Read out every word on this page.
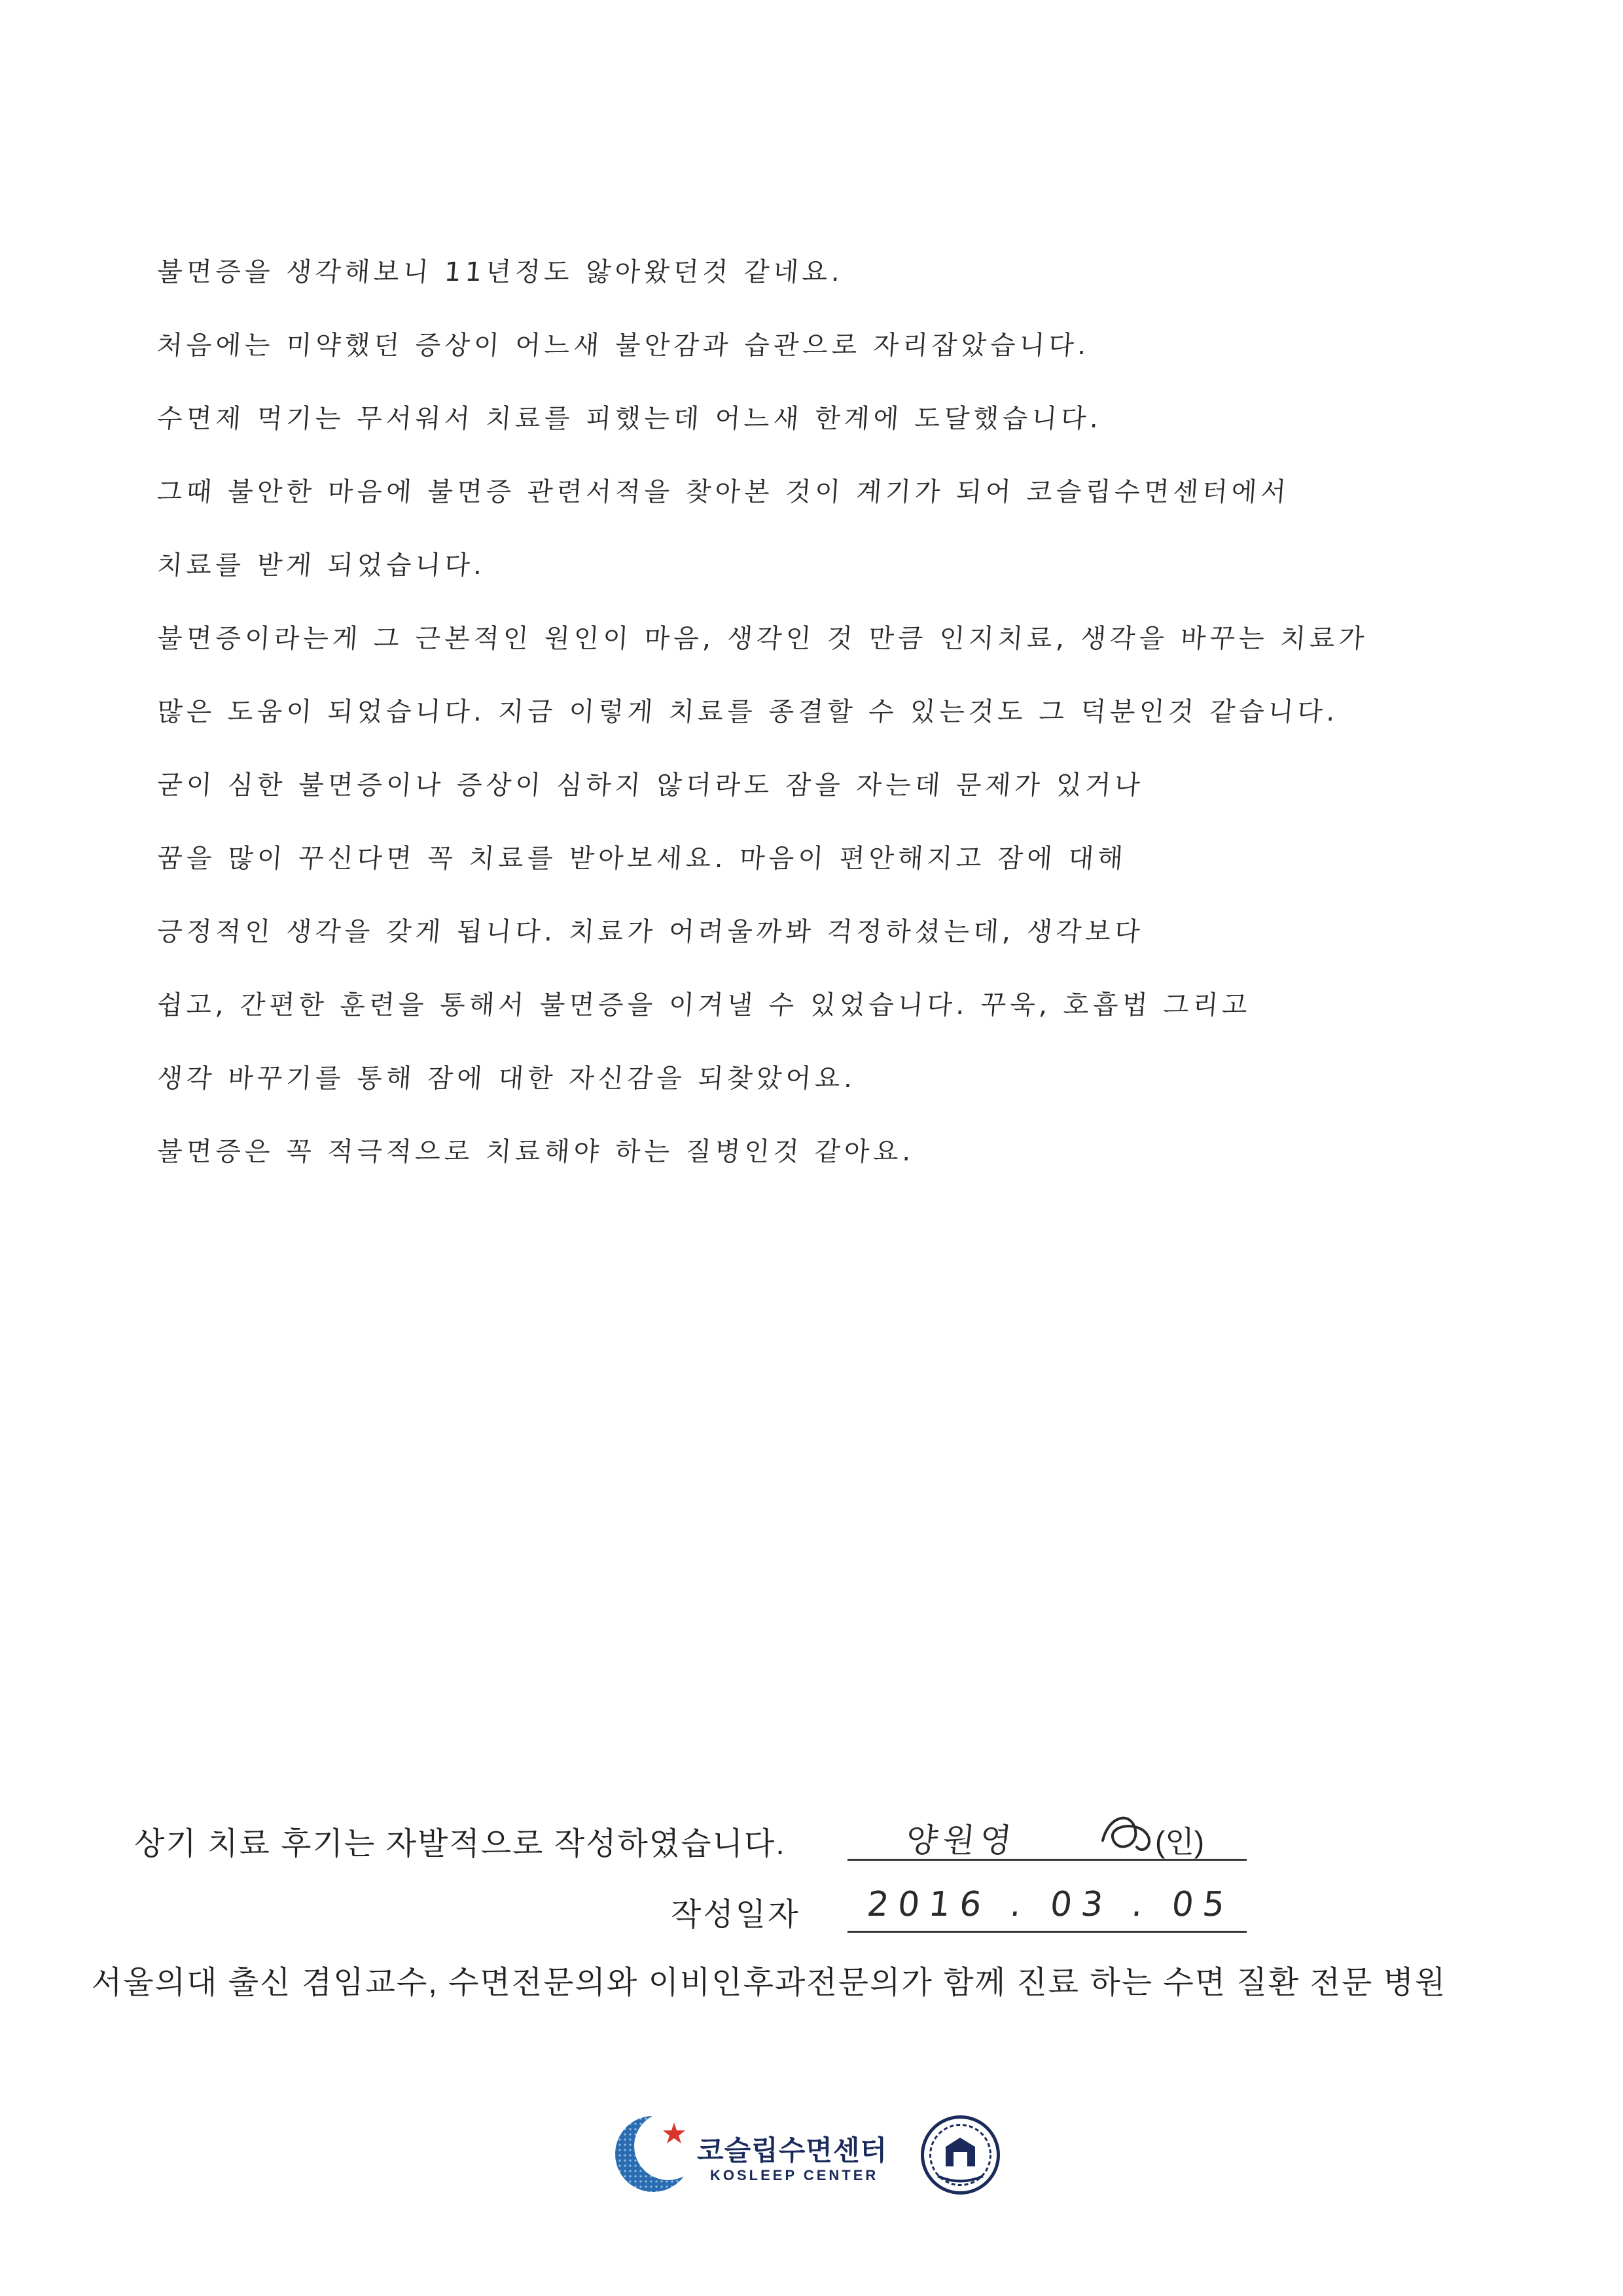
불면증을 생각해보니 11년정도 앓아왔던것 같네요.
처음에는 미약했던 증상이 어느새 불안감과 습관으로 자리잡았습니다.
수면제 먹기는 무서워서 치료를 피했는데 어느새 한계에 도달했습니다.
그때 불안한 마음에 불면증 관련서적을 찾아본 것이 계기가 되어 코슬립수면센터에서
치료를 받게 되었습니다.
불면증이라는게 그 근본적인 원인이 마음, 생각인 것 만큼 인지치료, 생각을 바꾸는 치료가
많은 도움이 되었습니다. 지금 이렇게 치료를 종결할 수 있는것도 그 덕분인것 같습니다.
굳이 심한 불면증이나 증상이 심하지 않더라도 잠을 자는데 문제가 있거나
꿈을 많이 꾸신다면 꼭 치료를 받아보세요. 마음이 편안해지고 잠에 대해
긍정적인 생각을 갖게 됩니다. 치료가 어려울까봐 걱정하셨는데, 생각보다
쉽고, 간편한 훈련을 통해서 불면증을 이겨낼 수 있었습니다. 꾸욱, 호흡법 그리고
생각 바꾸기를 통해 잠에 대한 자신감을 되찾았어요.
불면증은 꼭 적극적으로 치료해야 하는 질병인것 같아요.
상기 치료 후기는 자발적으로 작성하였습니다.	양원영	(인)
작성일자 2016 . 03 . 05
서울의대 출신 겸임교수, 수면전문의와 이비인후과전문의가 함께 진료 하는 수면 질환 전문 병원
코슬립수면센터
KOSLEEP CENTER
